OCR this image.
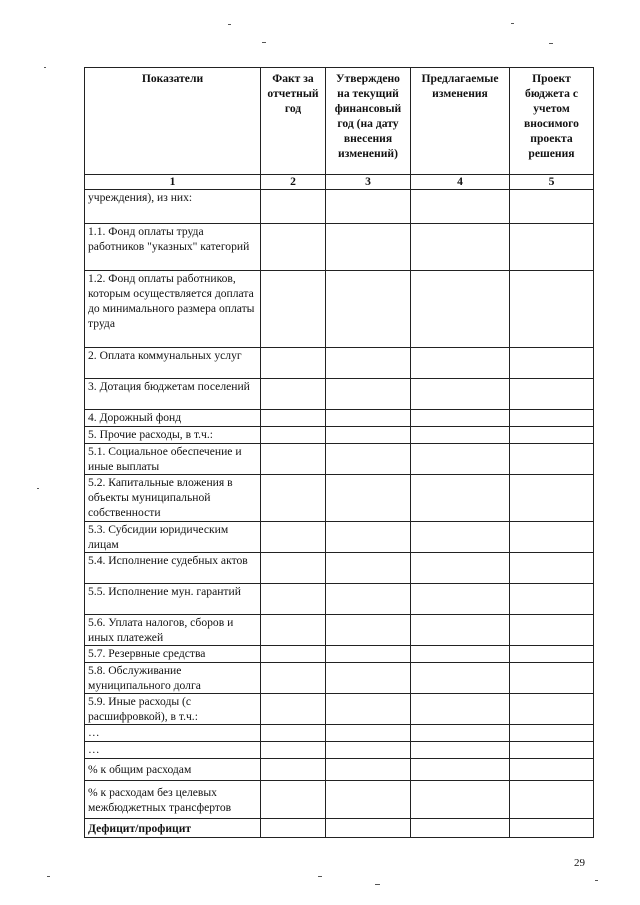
Показатели	Факт за отчетный год	Утверждено на текущий финансовый год (на дату внесения изменений)	Предлагаемые изменения	Проект бюджета с учетом вносимого проекта решения
1	2	3	4	5
учреждения), из них:				
1.1. Фонд оплаты труда работников "указных" категорий				
1.2. Фонд оплаты работников, которым осуществляется доплата до минимального размера оплаты труда				
2. Оплата коммунальных услуг				
3. Дотация бюджетам поселений				
4. Дорожный фонд				
5. Прочие расходы, в т.ч.:				
5.1. Социальное обеспечение и иные выплаты				
5.2. Капитальные вложения в объекты муниципальной собственности				
5.3. Субсидии юридическим лицам				
5.4. Исполнение судебных актов				
5.5. Исполнение мун. гарантий				
5.6. Уплата налогов, сборов и иных платежей				
5.7. Резервные средства				
5.8. Обслуживание муниципального долга				
5.9. Иные расходы (с расшифровкой), в т.ч.:				
…				
…				
% к общим расходам				
% к расходам без целевых межбюджетных трансфертов				
Дефицит/профицит				
29
